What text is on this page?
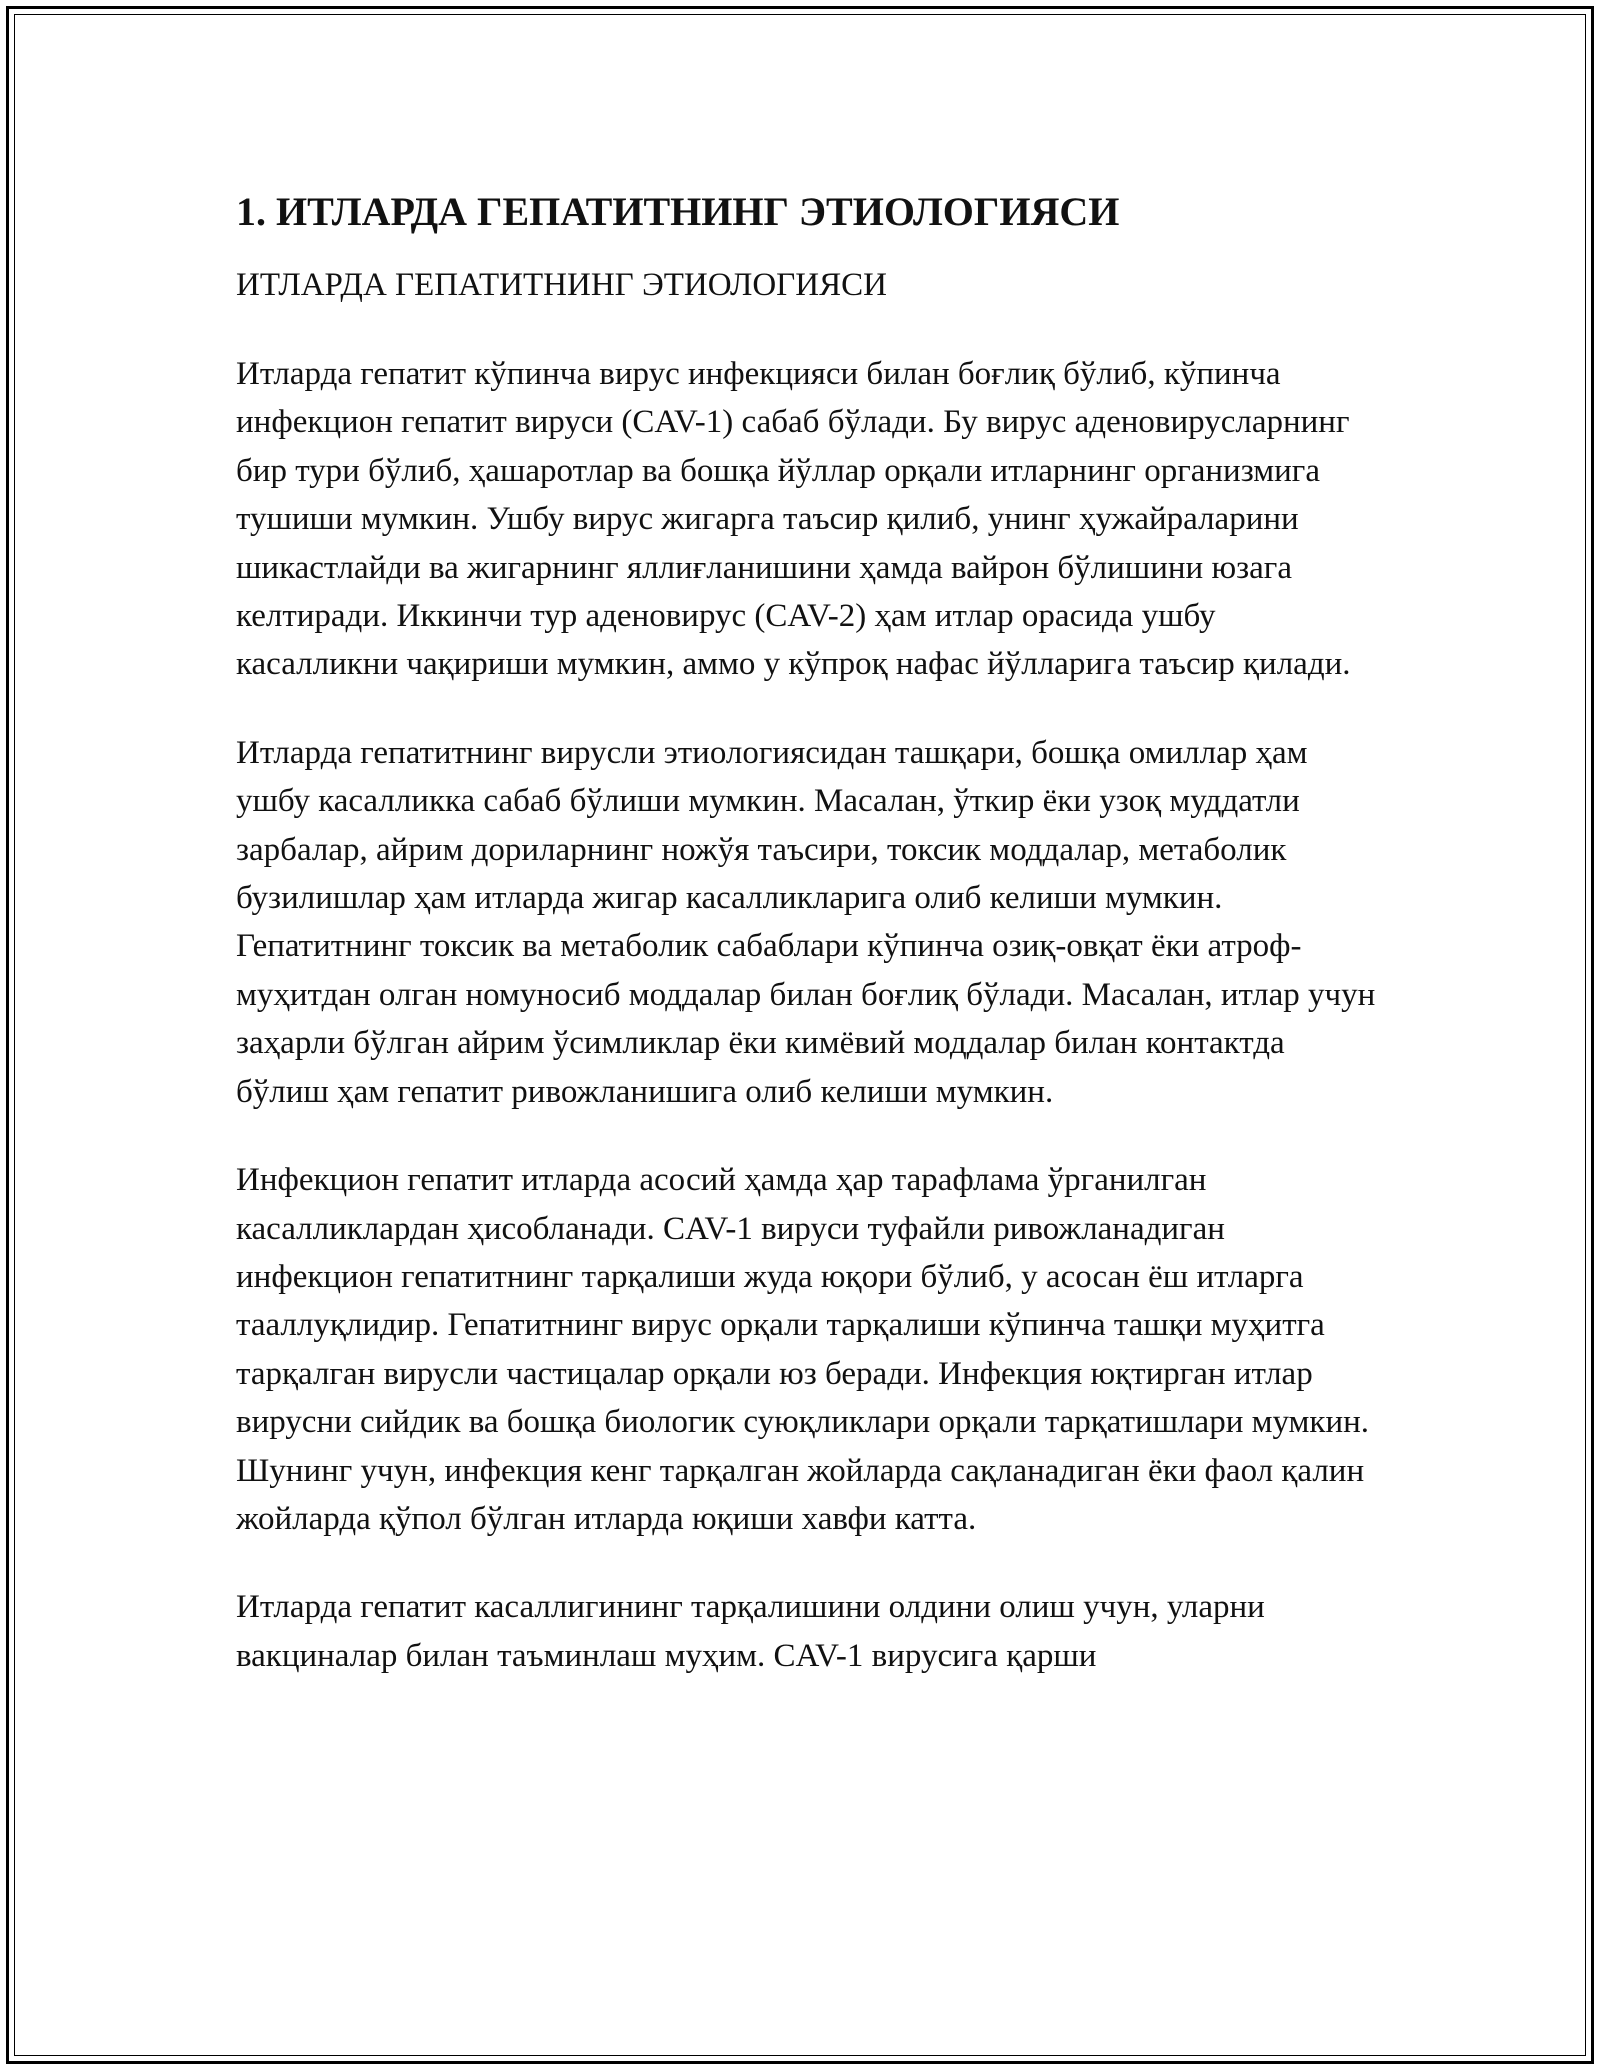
1. ИТЛАРДА ГЕПАТИТНИНГ ЭТИОЛОГИЯСИ

ИТЛАРДА ГЕПАТИТНИНГ ЭТИОЛОГИЯСИ

Итларда гепатит кўпинча вирус инфекцияси билан боғлиқ бўлиб, кўпинча инфекцион гепатит вируси (CAV-1) сабаб бўлади. Бу вирус аденовирусларнинг бир тури бўлиб, ҳашаротлар ва бошқа йўллар орқали итларнинг организмига тушиши мумкин. Ушбу вирус жигарга таъсир қилиб, унинг ҳужайраларини шикастлайди ва жигарнинг яллиғланишини ҳамда вайрон бўлишини юзага келтиради. Иккинчи тур аденовирус (CAV-2) ҳам итлар орасида ушбу касалликни чақириши мумкин, аммо у кўпроқ нафас йўлларига таъсир қилади.

Итларда гепатитнинг вирусли этиологиясидан ташқари, бошқа омиллар ҳам ушбу касалликка сабаб бўлиши мумкин. Масалан, ўткир ёки узоқ муддатли зарбалар, айрим дориларнинг ножўя таъсири, токсик моддалар, метаболик бузилишлар ҳам итларда жигар касалликларига олиб келиши мумкин. Гепатитнинг токсик ва метаболик сабаблари кўпинча озиқ-овқат ёки атроф-муҳитдан олган номуносиб моддалар билан боғлиқ бўлади. Масалан, итлар учун заҳарли бўлган айрим ўсимликлар ёки кимёвий моддалар билан контактда бўлиш ҳам гепатит ривожланишига олиб келиши мумкин.

Инфекцион гепатит итларда асосий ҳамда ҳар тарафлама ўрганилган касалликлардан ҳисобланади. CAV-1 вируси туфайли ривожланадиган инфекцион гепатитнинг тарқалиши жуда юқори бўлиб, у асосан ёш итларга тааллуқлидир. Гепатитнинг вирус орқали тарқалиши кўпинча ташқи муҳитга тарқалган вирусли частицалар орқали юз беради. Инфекция юқтирган итлар вирусни сийдик ва бошқа биологик суюқликлари орқали тарқатишлари мумкин. Шунинг учун, инфекция кенг тарқалган жойларда сақланадиган ёки фаол қалин жойларда қўпол бўлган итларда юқиши хавфи катта.

Итларда гепатит касаллигининг тарқалишини олдини олиш учун, уларни вакциналар билан таъминлаш муҳим. CAV-1 вирусига қарши
